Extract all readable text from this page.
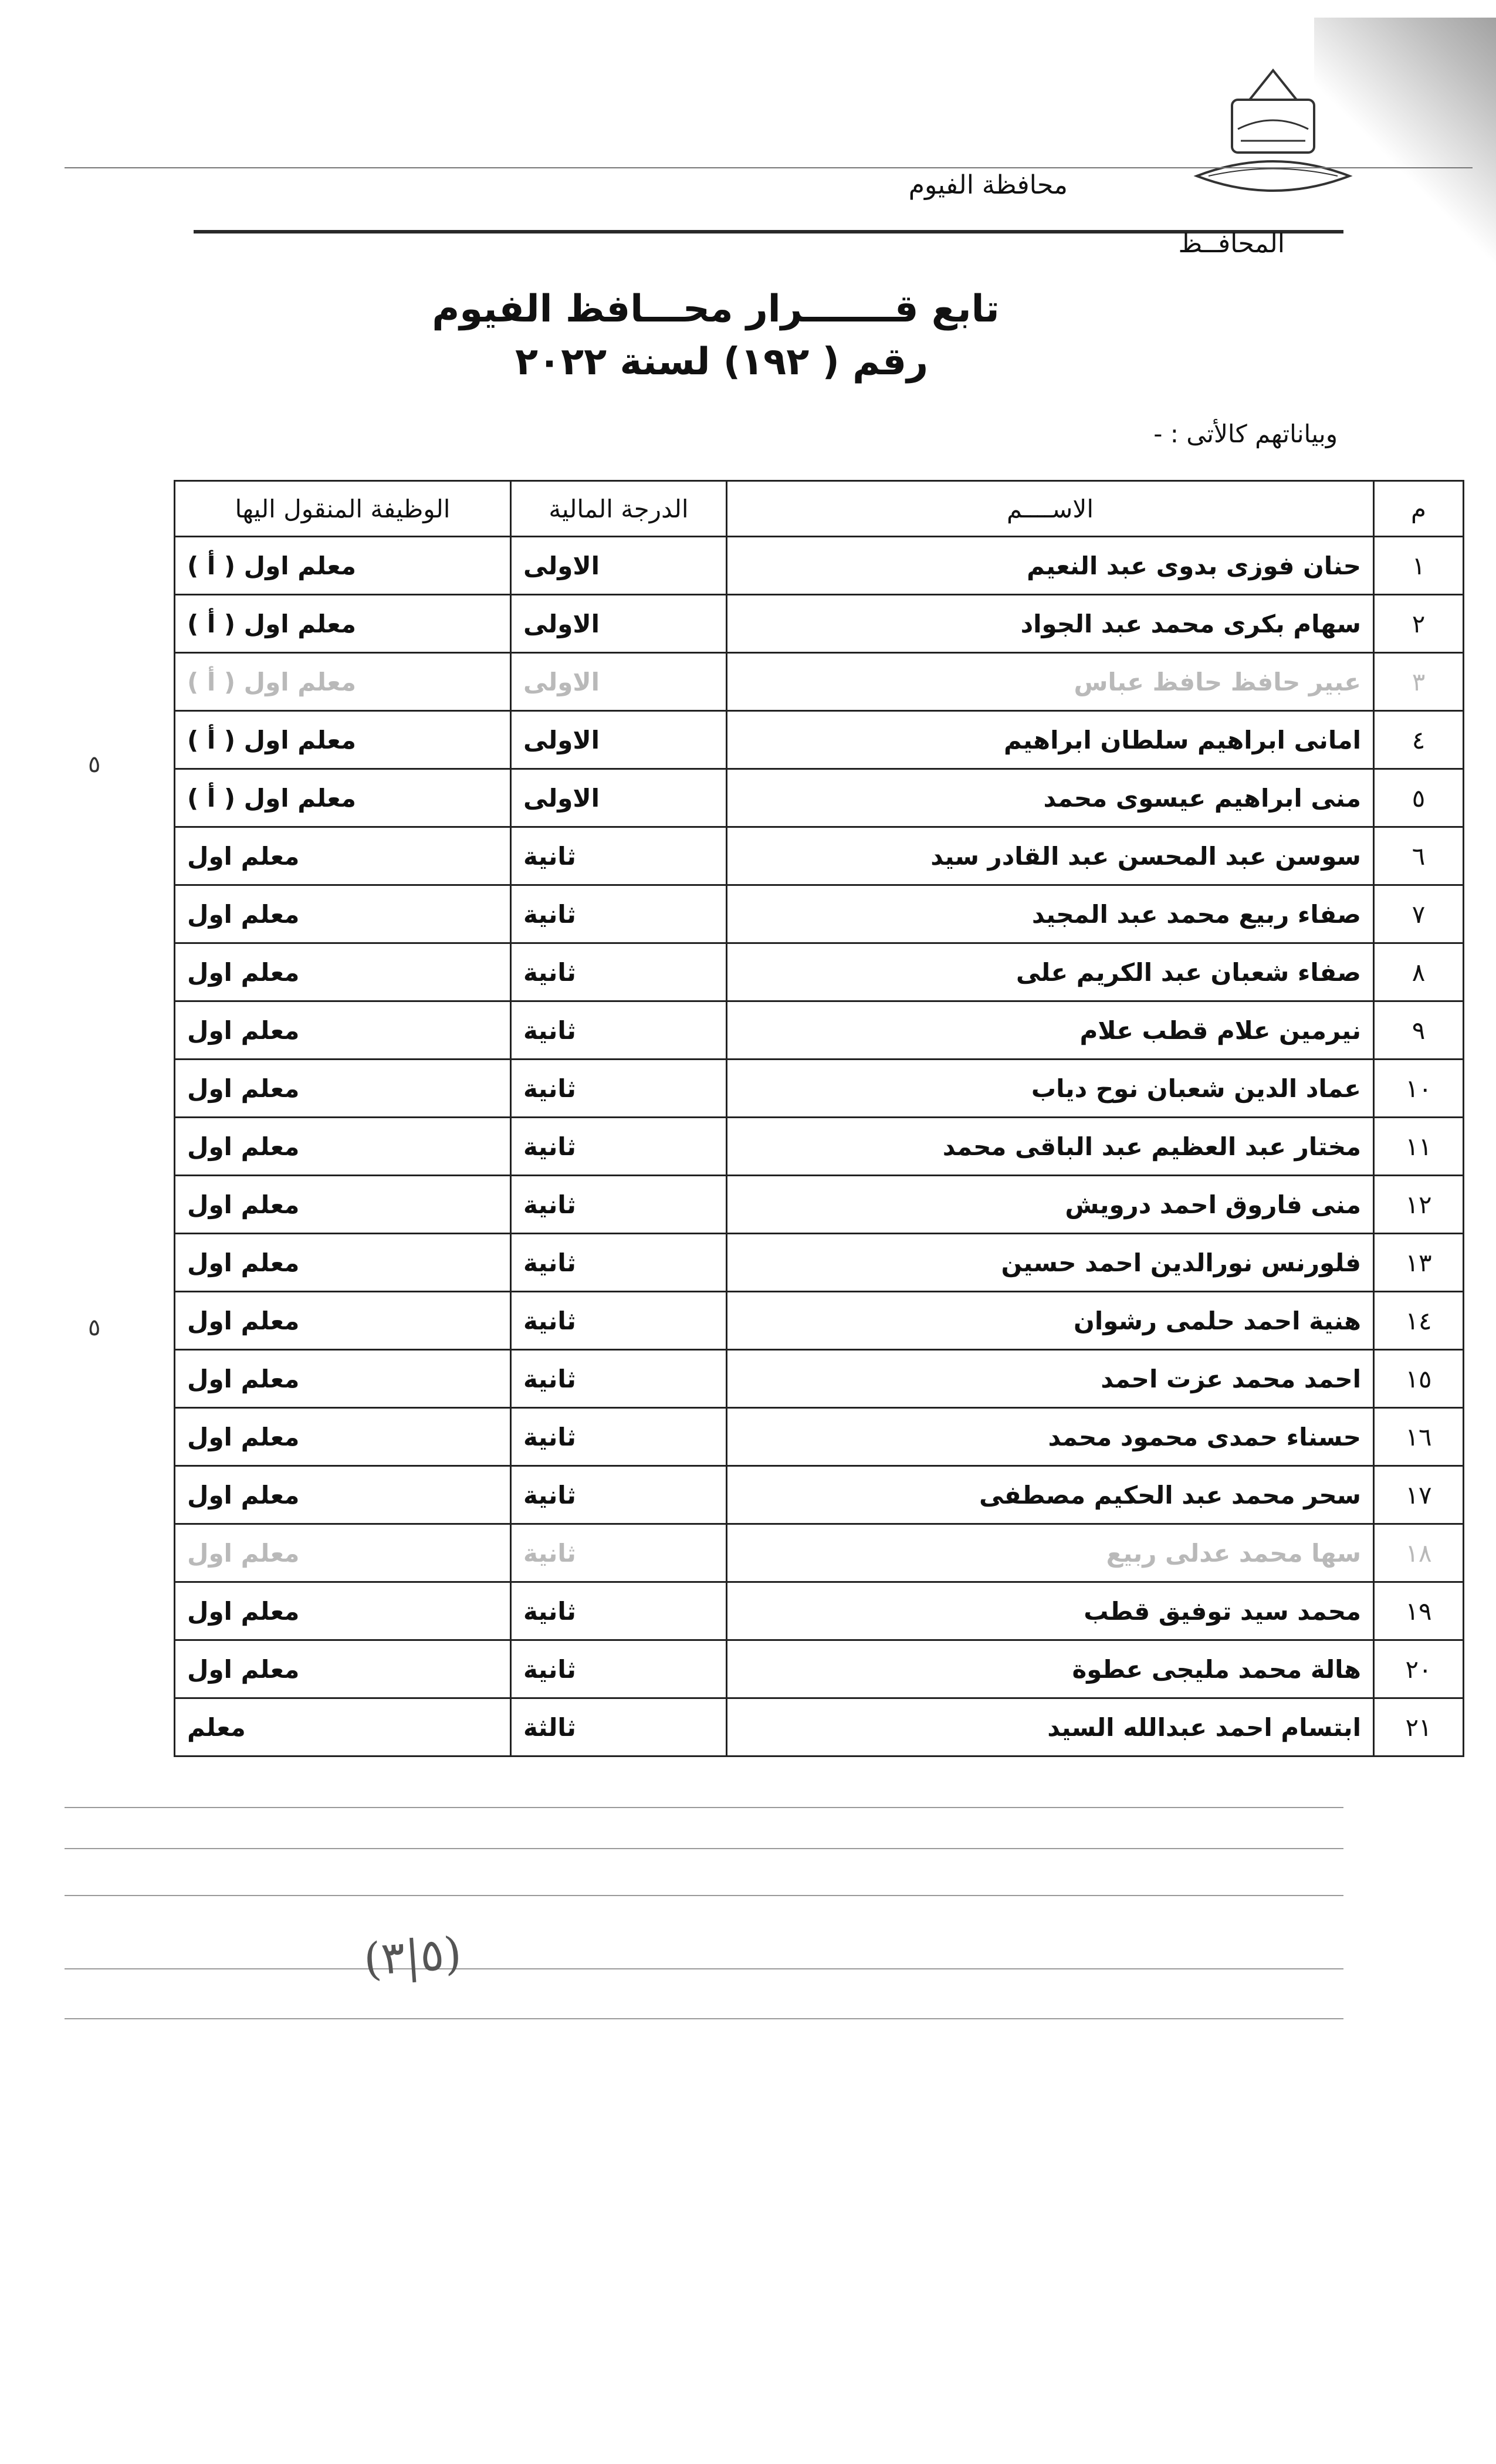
محافظة الفيوم
المحافــظ
تابع قـــــــرار محـــافظ الفيوم
رقم ( ١٩٢) لسنة ٢٠٢٢
وبياناتهم كالأتى : -
م	الاســــم	الدرجة المالية	الوظيفة المنقول اليها
١	حنان فوزى بدوى عبد النعيم	الاولى	معلم اول ( أ )
٢	سهام بكرى محمد عبد الجواد	الاولى	معلم اول ( أ )
٣	عبير حافظ حافظ عباس	الاولى	معلم اول ( أ )
٤	امانى ابراهيم سلطان ابراهيم	الاولى	معلم اول ( أ )
٥	منى ابراهيم عيسوى محمد	الاولى	معلم اول ( أ )
٦	سوسن عبد المحسن عبد القادر سيد	ثانية	معلم اول
٧	صفاء ربيع محمد عبد المجيد	ثانية	معلم اول
٨	صفاء شعبان عبد الكريم على	ثانية	معلم اول
٩	نيرمين علام قطب علام	ثانية	معلم اول
١٠	عماد الدين شعبان نوح دياب	ثانية	معلم اول
١١	مختار عبد العظيم عبد الباقى محمد	ثانية	معلم اول
١٢	منى فاروق احمد درويش	ثانية	معلم اول
١٣	فلورنس نورالدين احمد حسين	ثانية	معلم اول
١٤	هنية احمد حلمى رشوان	ثانية	معلم اول
١٥	احمد محمد عزت احمد	ثانية	معلم اول
١٦	حسناء حمدى محمود محمد	ثانية	معلم اول
١٧	سحر محمد عبد الحكيم مصطفى	ثانية	معلم اول
١٨	سها محمد عدلى ربيع	ثانية	معلم اول
١٩	محمد سيد توفيق قطب	ثانية	معلم اول
٢٠	هالة محمد مليجى عطوة	ثانية	معلم اول
٢١	ابتسام احمد عبدالله السيد	ثالثة	معلم
٥
٥
(٥|٣)
